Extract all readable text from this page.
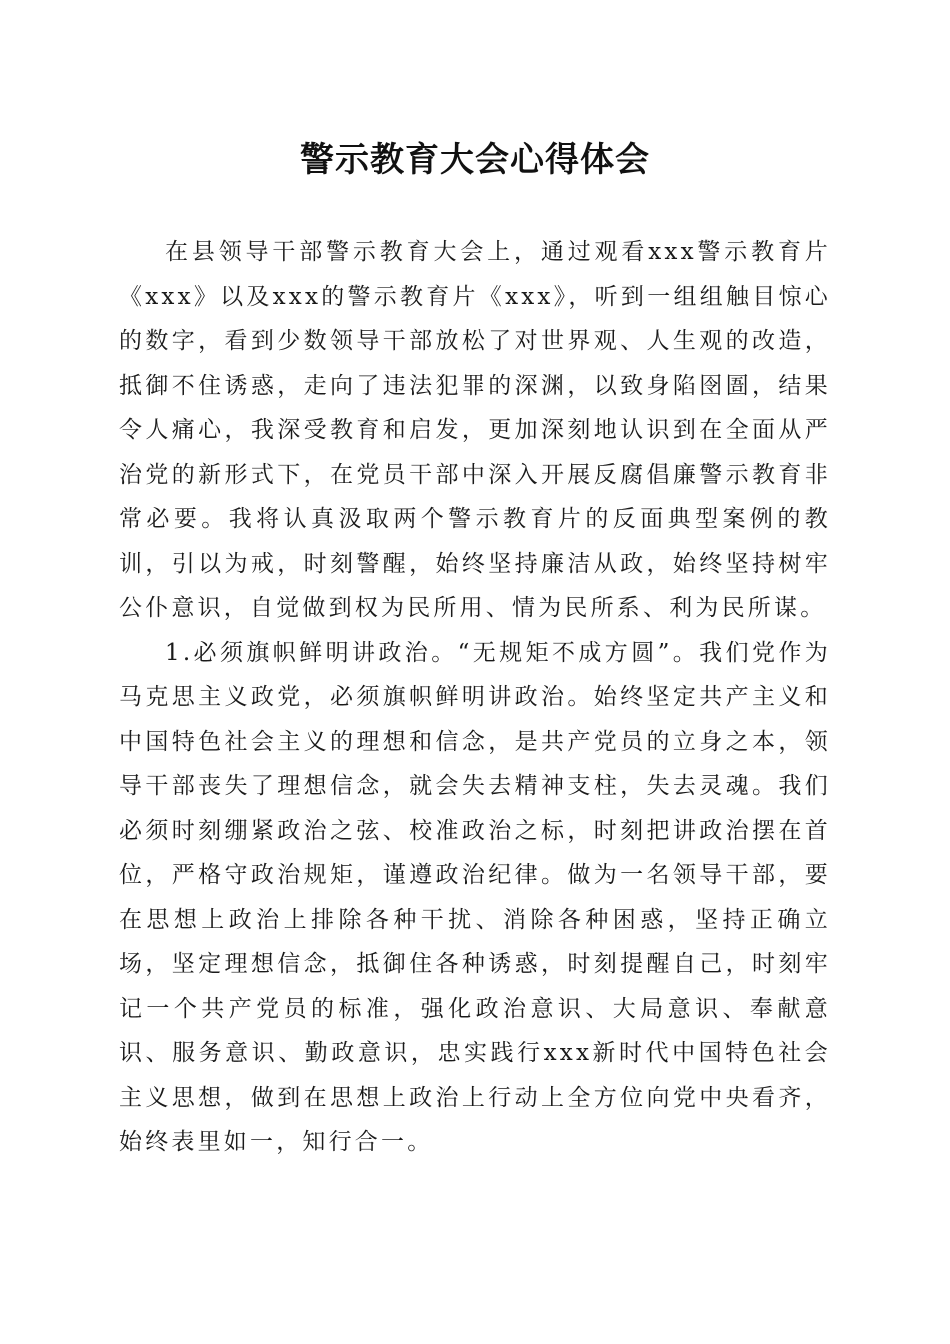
警示教育大会心得体会

在县领导干部警示教育大会上，通过观看xxx警示教育片《xxx》以及xxx的警示教育片《xxx》，听到一组组触目惊心的数字，看到少数领导干部放松了对世界观、人生观的改造，抵御不住诱惑，走向了违法犯罪的深渊，以致身陷囹圄，结果令人痛心，我深受教育和启发，更加深刻地认识到在全面从严治党的新形式下，在党员干部中深入开展反腐倡廉警示教育非常必要。我将认真汲取两个警示教育片的反面典型案例的教训，引以为戒，时刻警醒，始终坚持廉洁从政，始终坚持树牢公仆意识，自觉做到权为民所用、情为民所系、利为民所谋。

1.必须旗帜鲜明讲政治。“无规矩不成方圆”。我们党作为马克思主义政党，必须旗帜鲜明讲政治。始终坚定共产主义和中国特色社会主义的理想和信念，是共产党员的立身之本，领导干部丧失了理想信念，就会失去精神支柱，失去灵魂。我们必须时刻绷紧政治之弦、校准政治之标，时刻把讲政治摆在首位，严格守政治规矩，谨遵政治纪律。做为一名领导干部，要在思想上政治上排除各种干扰、消除各种困惑，坚持正确立场，坚定理想信念，抵御住各种诱惑，时刻提醒自己，时刻牢记一个共产党员的标准，强化政治意识、大局意识、奉献意识、服务意识、勤政意识，忠实践行xxx新时代中国特色社会主义思想，做到在思想上政治上行动上全方位向党中央看齐，始终表里如一，知行合一。
